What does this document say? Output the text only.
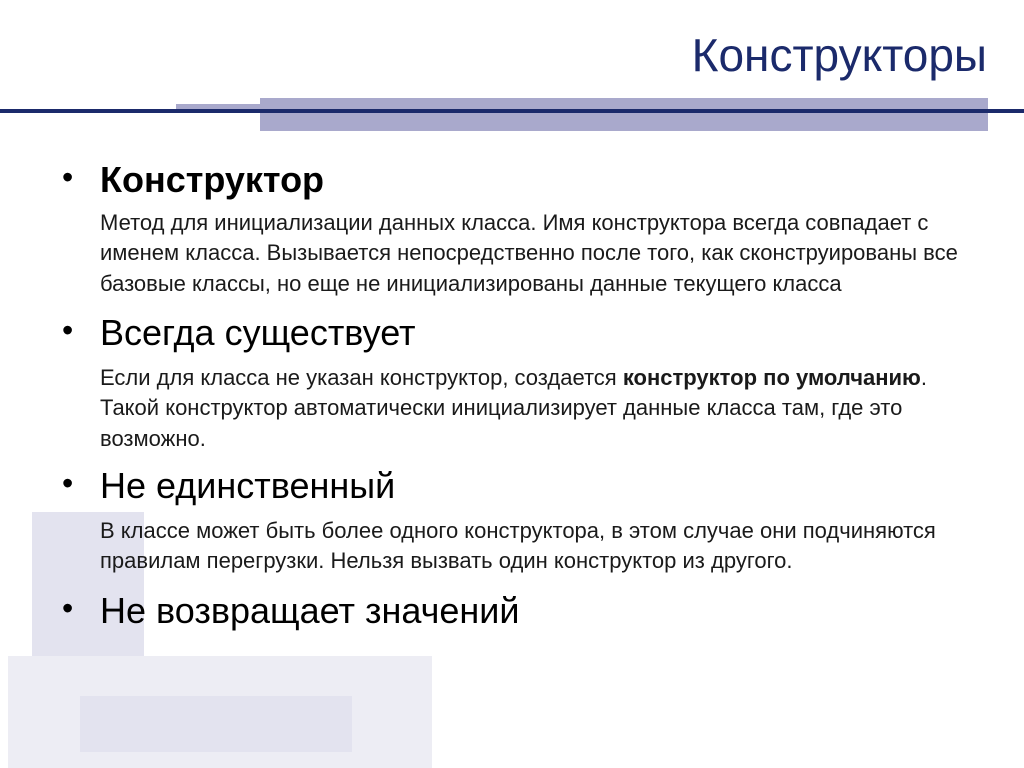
Конструкторы
• Конструктор
Метод для инициализации данных класса. Имя конструктора всегда совпадает с именем класса. Вызывается непосредственно после того, как сконструированы все базовые классы, но еще не инициализированы данные текущего класса
• Всегда существует
Если для класса не указан конструктор, создается конструктор по умолчанию. Такой конструктор автоматически инициализирует данные класса там, где это возможно.
• Не единственный
В классе может быть более одного конструктора, в этом случае они подчиняются правилам перегрузки. Нельзя вызвать один конструктор из другого.
• Не возвращает значений
